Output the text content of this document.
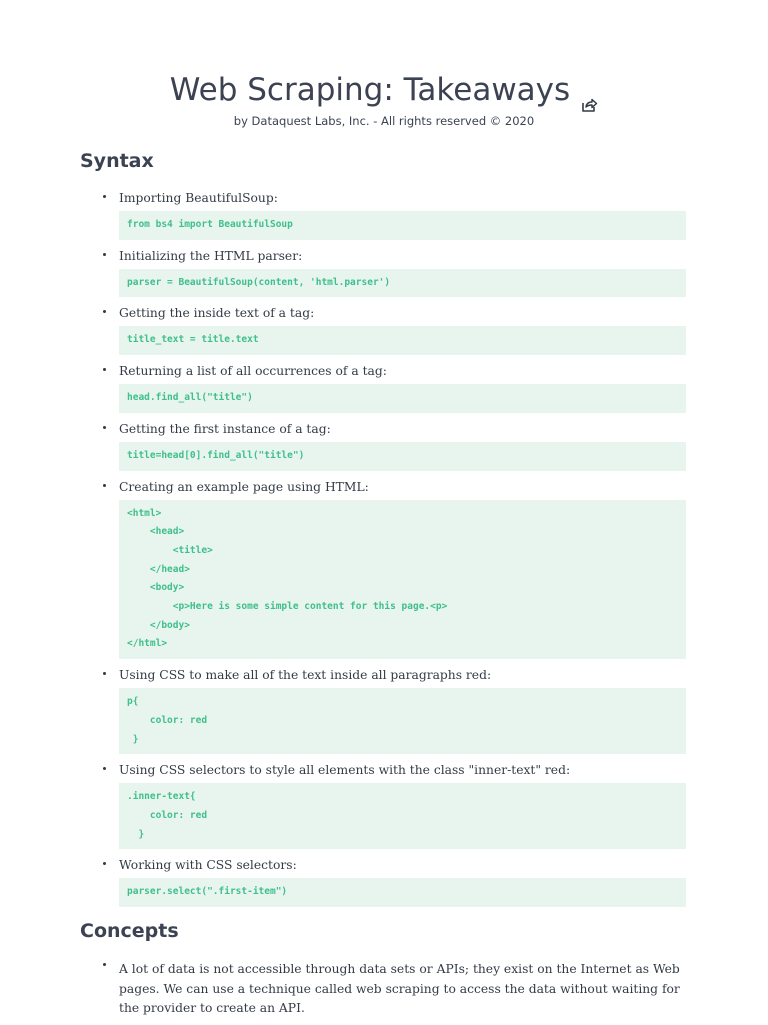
Web Scraping: Takeaways
by Dataquest Labs, Inc. - All rights reserved © 2020
Syntax
Importing BeautifulSoup:
from bs4 import BeautifulSoup
Initializing the HTML parser:
parser = BeautifulSoup(content, 'html.parser')
Getting the inside text of a tag:
title_text = title.text
Returning a list of all occurrences of a tag:
head.find_all("title")
Getting the first instance of a tag:
title=head[0].find_all("title")
Creating an example page using HTML:
<html>
<head>
<title>
</head>
<body>
<p>Here is some simple content for this page.<p>
</body>
</html>
Using CSS to make all of the text inside all paragraphs red:
p{
color: red
}
Using CSS selectors to style all elements with the class "inner-text" red:
.inner-text{
color: red
}
Working with CSS selectors:
parser.select(".first-item")
Concepts
A lot of data is not accessible through data sets or APIs; they exist on the Internet as Web pages. We can use a technique called web scraping to access the data without waiting for the provider to create an API.
